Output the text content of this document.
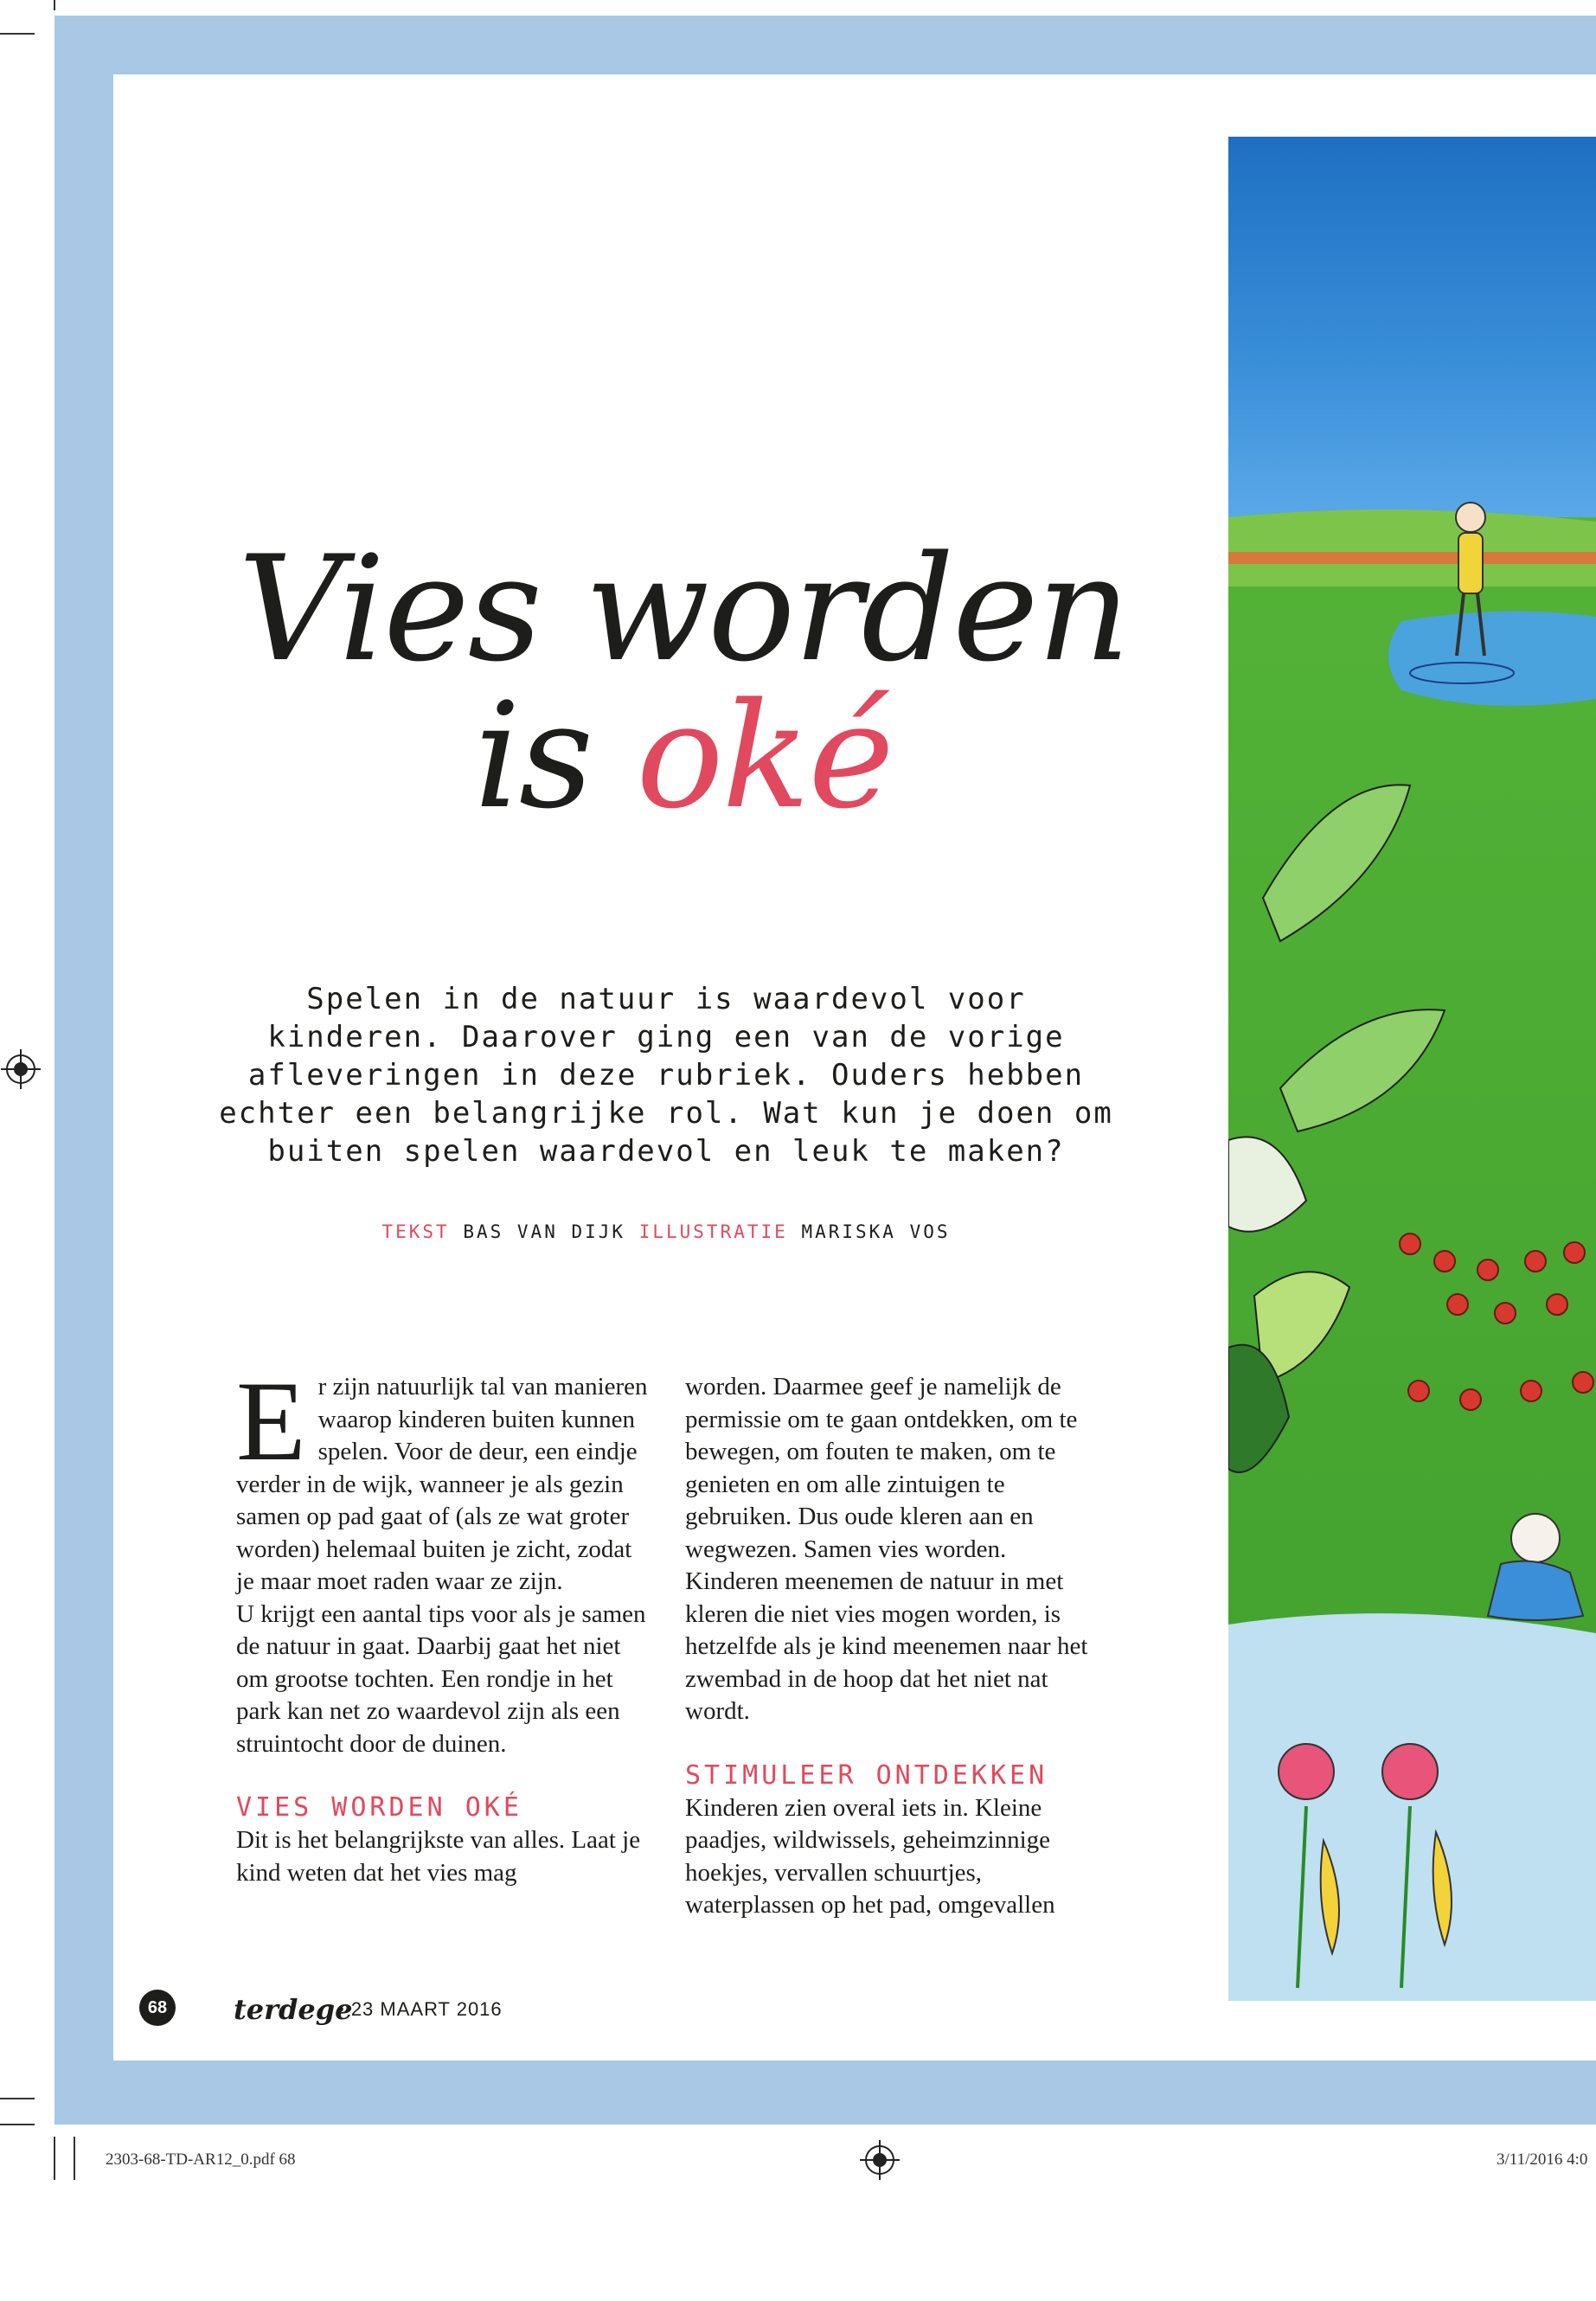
Vies worden
is oké
Spelen in de natuur is waardevol voor kinderen. Daarover ging een van de vorige afleveringen in deze rubriek. Ouders hebben echter een belangrijke rol. Wat kun je doen om buiten spelen waardevol en leuk te maken?
TEKST BAS VAN DIJK ILLUSTRATIE MARISKA VOS

Er zijn natuurlijk tal van manieren waarop kinderen buiten kunnen spelen. Voor de deur, een eindje verder in de wijk, wanneer je als gezin samen op pad gaat of (als ze wat groter worden) helemaal buiten je zicht, zodat je maar moet raden waar ze zijn.

U krijgt een aantal tips voor als je samen de natuur in gaat. Daarbij gaat het niet om grootse tochten. Een rondje in het park kan net zo waardevol zijn als een struintocht door de duinen.

VIES WORDEN OKÉ

Dit is het belangrijkste van alles. Laat je kind weten dat het vies mag

worden. Daarmee geef je namelijk de permissie om te gaan ontdekken, om te bewegen, om fouten te maken, om te genieten en om alle zintuigen te gebruiken. Dus oude kleren aan en wegwezen. Samen vies worden.

Kinderen meenemen de natuur in met kleren die niet vies mogen worden, is hetzelfde als je kind meenemen naar het zwembad in de hoop dat het niet nat wordt.

STIMULEER ONTDEKKEN

Kinderen zien overal iets in. Kleine paadjes, wildwissels, geheimzinnige hoekjes, vervallen schuurtjes, waterplassen op het pad, omgevallen

68	terdege
• 23 MAART 2016
2303-68-TD-AR12_0.pdf 68	3/11/2016 4:0
